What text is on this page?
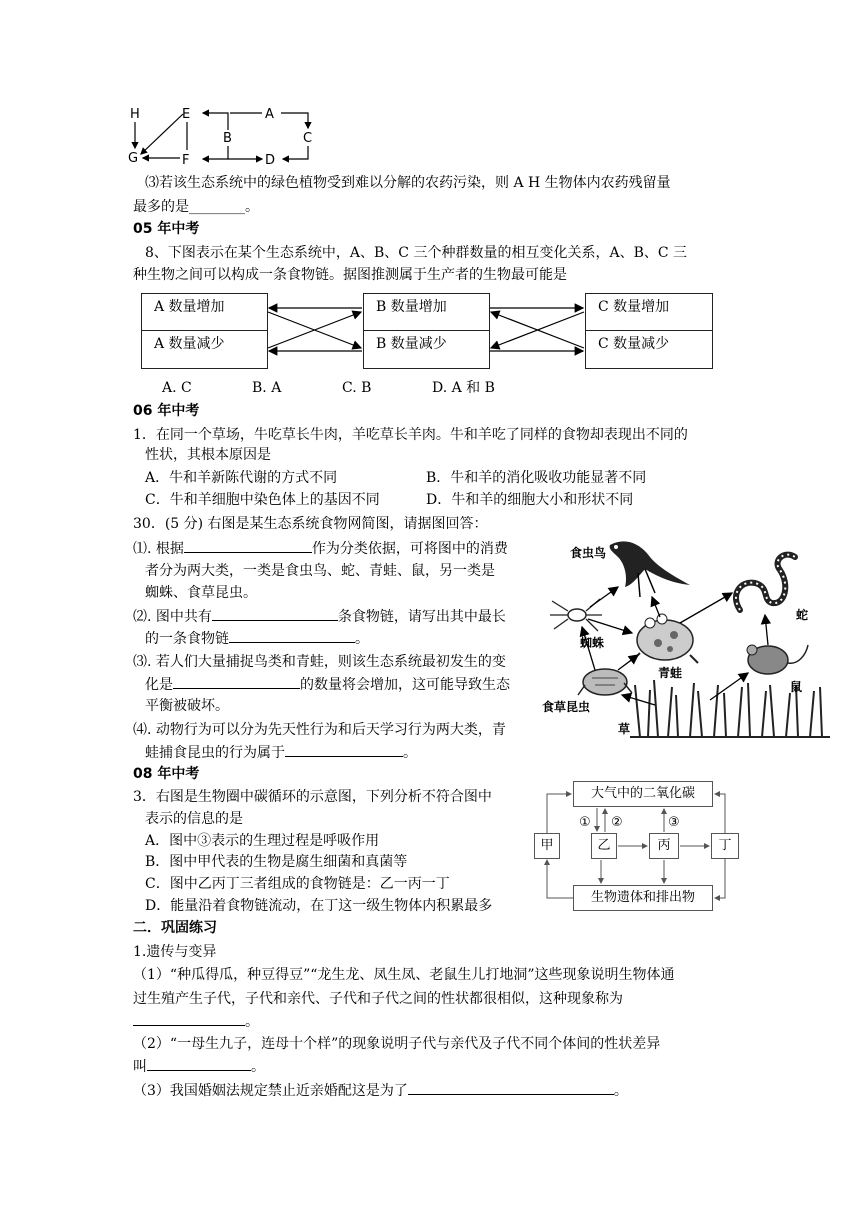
H	E	A
B	C
G	F	D
⑶若该生态系统中的绿色植物受到难以分解的农药污染，则 A H 生物体内农药残留量
最多的是________。
05 年中考
8、下图表示在某个生态系统中，A、B、C 三个种群数量的相互变化关系，A、B、C 三
种生物之间可以构成一条食物链。据图推测属于生产者的生物最可能是
A 数量增加
A 数量减少
B 数量增加
B 数量减少
C 数量增加
C 数量减少
A. C	B. A	C. B	D. A 和 B
06 年中考
1．在同一个草场，牛吃草长牛肉，羊吃草长羊肉。牛和羊吃了同样的食物却表现出不同的
性状，其根本原因是
A．牛和羊新陈代谢的方式不同	B．牛和羊的消化吸收功能显著不同
C．牛和羊细胞中染色体上的基因不同	D．牛和羊的细胞大小和形状不同
30．(5 分) 右图是某生态系统食物网简图，请据图回答：
⑴. 根据	作为分类依据，可将图中的消费
者分为两大类，一类是食虫鸟、蛇、青蛙、鼠，另一类是
蜘蛛、食草昆虫。
⑵. 图中共有	条食物链，请写出其中最长
的一条食物链	。
⑶. 若人们大量捕捉鸟类和青蛙，则该生态系统最初发生的变
化是	的数量将会增加，这可能导致生态
平衡被破坏。
⑷. 动物行为可以分为先天性行为和后天学习行为两大类，青
蛙捕食昆虫的行为属于	。
食虫鸟
蛇
蜘蛛
青蛙
食草昆虫
鼠
草
08 年中考
3．右图是生物圈中碳循环的示意图，下列分析不符合图中
表示的信息的是
A．图中③表示的生理过程是呼吸作用
B．图中甲代表的生物是腐生细菌和真菌等
C．图中乙丙丁三者组成的食物链是：乙一丙一丁
D．能量沿着食物链流动，在丁这一级生物体内积累最多
大气中的二氧化碳
甲	乙	丙	丁
生物遗体和排出物
① ②	③
二．巩固练习
1.遗传与变异
（1）“种瓜得瓜，种豆得豆”“龙生龙、凤生凤、老鼠生儿打地洞”这些现象说明生物体通
过生殖产生子代，子代和亲代、子代和子代之间的性状都很相似，这种现象称为
。
（2）“一母生九子，连母十个样”的现象说明子代与亲代及子代不同个体间的性状差异
叫	。
（3）我国婚姻法规定禁止近亲婚配这是为了	。
